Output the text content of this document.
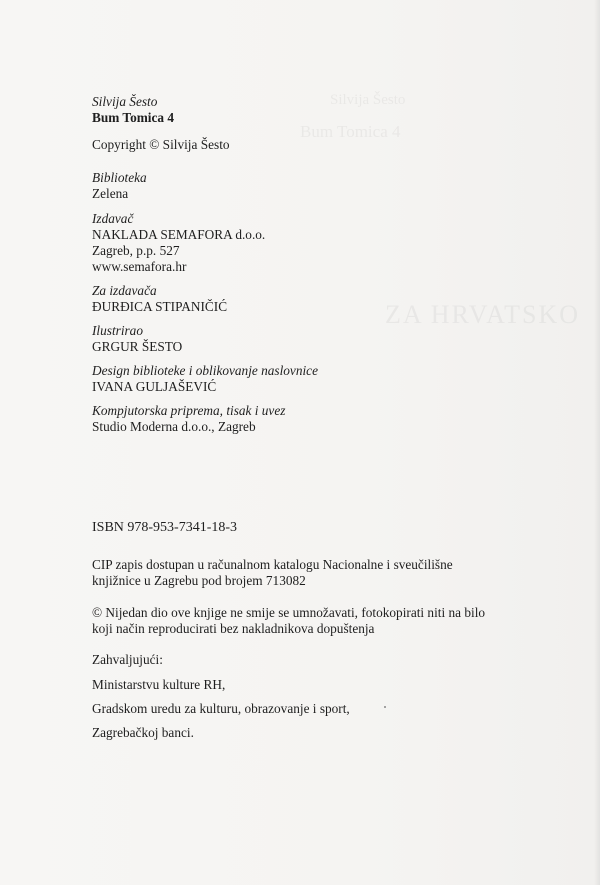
Silvija Šesto
Bum Tomica 4
ZA HRVATSKO
Silvija Šesto
Bum Tomica 4
Copyright © Silvija Šesto
Biblioteka
Zelena
Izdavač
NAKLADA SEMAFORA d.o.o.
Zagreb, p.p. 527
www.semafora.hr
Za izdavača
ĐURĐICA STIPANIČIĆ
Ilustrirao
GRGUR ŠESTO
Design biblioteke i oblikovanje naslovnice
IVANA GULJAŠEVIĆ
Kompjutorska priprema, tisak i uvez
Studio Moderna d.o.o., Zagreb
ISBN 978-953-7341-18-3
CIP zapis dostupan u računalnom katalogu Nacionalne i sveučilišne
knjižnice u Zagrebu pod brojem 713082
© Nijedan dio ove knjige ne smije se umnožavati, fotokopirati niti na bilo
koji način reproducirati bez nakladnikova dopuštenja
Zahvaljujući:
Ministarstvu kulture RH,
Gradskom uredu za kulturu, obrazovanje i sport,
Zagrebačkoj banci.
